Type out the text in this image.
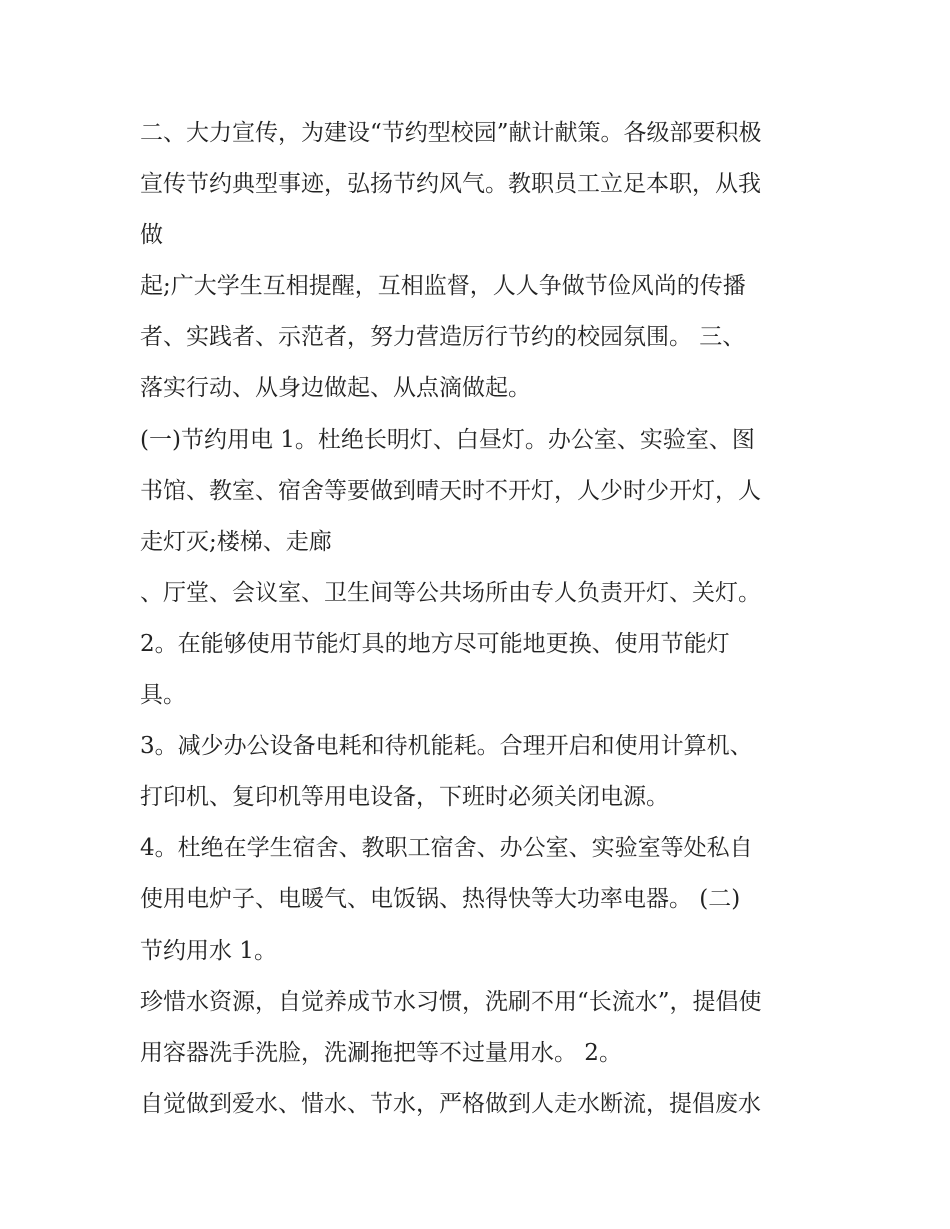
二、大力宣传，为建设“节约型校园”献计献策。各级部要积极
宣传节约典型事迹，弘扬节约风气。教职员工立足本职，从我
做
起;广大学生互相提醒，互相监督，人人争做节俭风尚的传播
者、实践者、示范者，努力营造厉行节约的校园氛围。 三、
落实行动、从身边做起、从点滴做起。
(一)节约用电 1。杜绝长明灯、白昼灯。办公室、实验室、图
书馆、教室、宿舍等要做到晴天时不开灯，人少时少开灯，人
走灯灭;楼梯、走廊
、厅堂、会议室、卫生间等公共场所由专人负责开灯、关灯。
2。在能够使用节能灯具的地方尽可能地更换、使用节能灯
具。
3。减少办公设备电耗和待机能耗。合理开启和使用计算机、
打印机、复印机等用电设备，下班时必须关闭电源。
4。杜绝在学生宿舍、教职工宿舍、办公室、实验室等处私自
使用电炉子、电暖气、电饭锅、热得快等大功率电器。 (二)
节约用水 1。
珍惜水资源，自觉养成节水习惯，洗刷不用“长流水”，提倡使
用容器洗手洗脸，洗涮拖把等不过量用水。 2。
自觉做到爱水、惜水、节水，严格做到人走水断流，提倡废水
